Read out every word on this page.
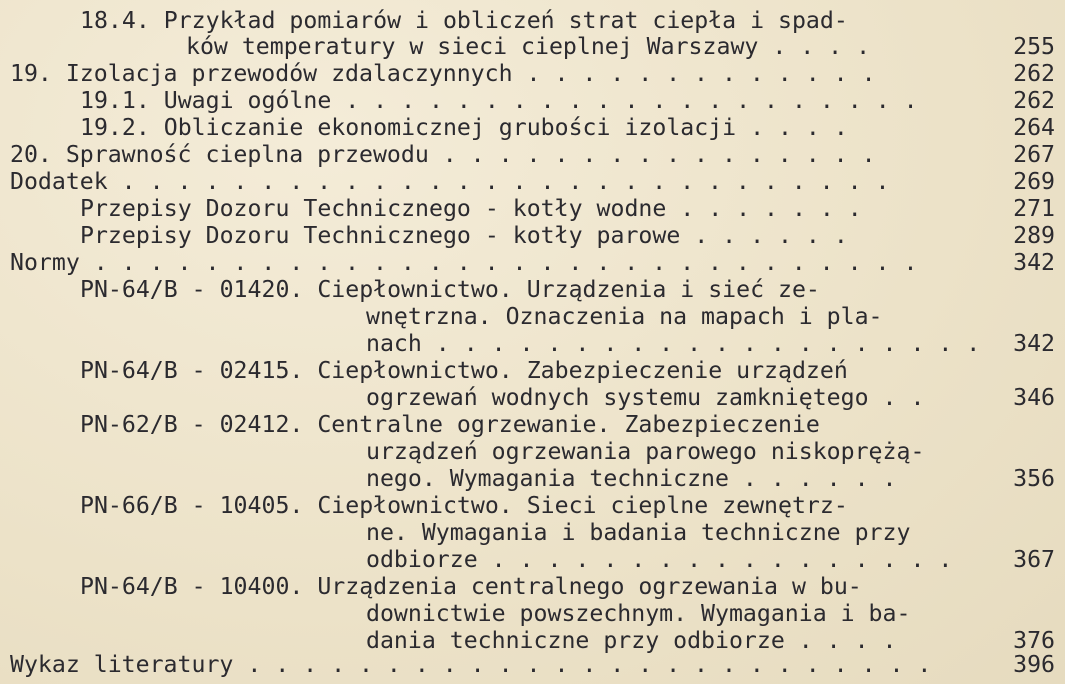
18.4. Przykład pomiarów i obliczeń strat ciepła i spad-
ków temperatury w sieci cieplnej Warszawy . . . .	255
19. Izolacja przewodów zdalaczynnych . . . . . . . . . . . . .	262
19.1. Uwagi ogólne . . . . . . . . . . . . . . . . . . . . .	262
19.2. Obliczanie ekonomicznej grubości izolacji . . . .	264
20. Sprawność cieplna przewodu . . . . . . . . . . . . . . . .	267
Dodatek . . . . . . . . . . . . . . . . . . . . . . . . . . . .	269
Przepisy Dozoru Technicznego - kotły wodne . . . . . . .	271
Przepisy Dozoru Technicznego - kotły parowe . . . . . .	289
Normy . . . . . . . . . . . . . . . . . . . . . . . . . . . . . .	342
PN-64/B - 01420. Ciepłownictwo. Urządzenia i sieć ze-
wnętrzna. Oznaczenia na mapach i pla-
nach . . . . . . . . . . . . . . . . . . . .	342
PN-64/B - 02415. Ciepłownictwo. Zabezpieczenie urządzeń
ogrzewań wodnych systemu zamkniętego . .	346
PN-62/B - 02412. Centralne ogrzewanie. Zabezpieczenie
urządzeń ogrzewania parowego niskoprężą-
nego. Wymagania techniczne . . . . . .	356
PN-66/B - 10405. Ciepłownictwo. Sieci cieplne zewnętrz-
ne. Wymagania i badania techniczne przy
odbiorze . . . . . . . . . . . . . . . . .	367
PN-64/B - 10400. Urządzenia centralnego ogrzewania w bu-
downictwie powszechnym. Wymagania i ba-
dania techniczne przy odbiorze . . . .	376
Wykaz literatury . . . . . . . . . . . . . . . . . . . . . . . . .	396
